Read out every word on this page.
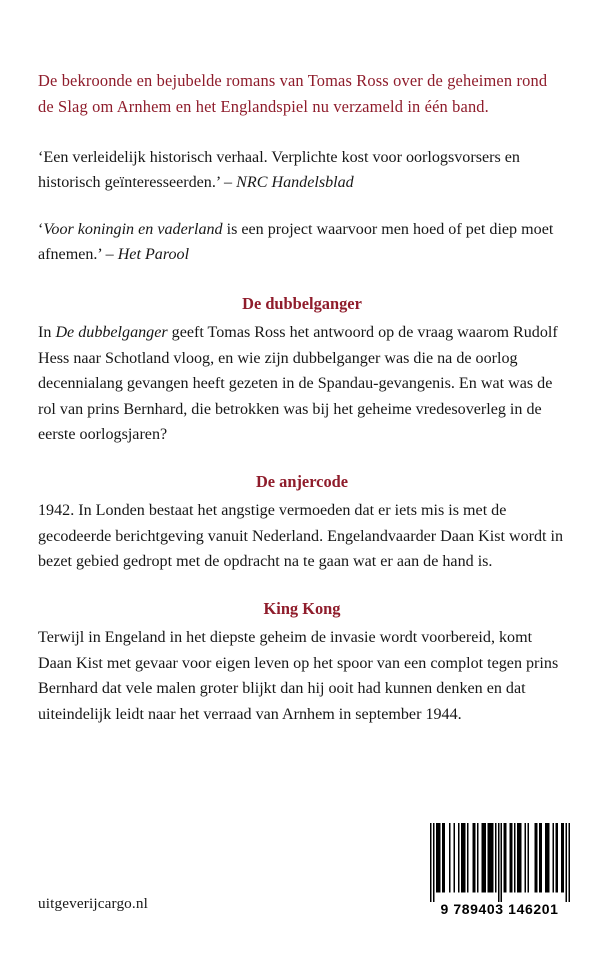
De bekroonde en bejubelde romans van Tomas Ross over de geheimen rond de Slag om Arnhem en het Englandspiel nu verzameld in één band.

‘Een verleidelijk historisch verhaal. Verplichte kost voor oorlogsvorsers en historisch geïnteresseerden.’ – NRC Handelsblad

‘Voor koningin en vaderland is een project waarvoor men hoed of pet diep moet afnemen.’ – Het Parool

De dubbelganger

In De dubbelganger geeft Tomas Ross het antwoord op de vraag waarom Rudolf Hess naar Schotland vloog, en wie zijn dubbelganger was die na de oorlog decennialang gevangen heeft gezeten in de Spandau-gevangenis. En wat was de rol van prins Bernhard, die betrokken was bij het geheime vredesoverleg in de eerste oorlogsjaren?

De anjercode

1942. In Londen bestaat het angstige vermoeden dat er iets mis is met de gecodeerde berichtgeving vanuit Nederland. Engelandvaarder Daan Kist wordt in bezet gebied gedropt met de opdracht na te gaan wat er aan de hand is.

King Kong

Terwijl in Engeland in het diepste geheim de invasie wordt voorbereid, komt Daan Kist met gevaar voor eigen leven op het spoor van een complot tegen prins Bernhard dat vele malen groter blijkt dan hij ooit had kunnen denken en dat uiteindelijk leidt naar het verraad van Arnhem in september 1944.

uitgeverijcargo.nl	9 789403 146201
